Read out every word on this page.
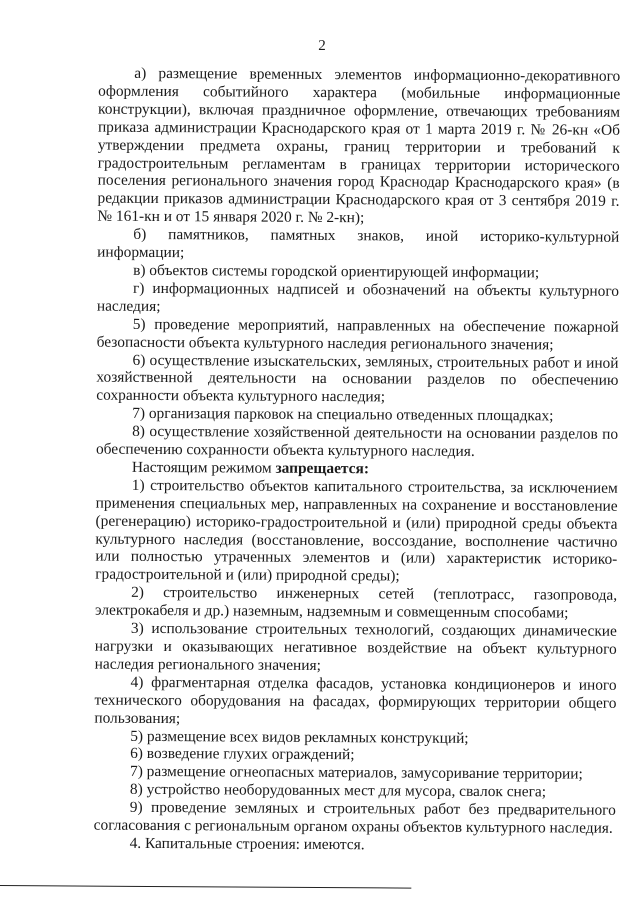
2

а) размещение временных элементов информационно-декоративного оформления событийного характера (мобильные информационные конструкции), включая праздничное оформление, отвечающих требованиям приказа администрации Краснодарского края от 1 марта 2019 г. № 26-кн «Об утверждении предмета охраны, границ территории и требований к градостроительным регламентам в границах территории исторического поселения регионального значения город Краснодар Краснодарского края» (в редакции приказов администрации Краснодарского края от 3 сентября 2019 г. № 161-кн и от 15 января 2020 г. № 2-кн);

б) памятников, памятных знаков, иной историко-культурной информации;

в) объектов системы городской ориентирующей информации;

г) информационных надписей и обозначений на объекты культурного наследия;

5) проведение мероприятий, направленных на обеспечение пожарной безопасности объекта культурного наследия регионального значения;

6) осуществление изыскательских, земляных, строительных работ и иной хозяйственной деятельности на основании разделов по обеспечению сохранности объекта культурного наследия;

7) организация парковок на специально отведенных площадках;

8) осуществление хозяйственной деятельности на основании разделов по обеспечению сохранности объекта культурного наследия.

Настоящим режимом запрещается:

1) строительство объектов капитального строительства, за исключением применения специальных мер, направленных на сохранение и восстановление (регенерацию) историко-градостроительной и (или) природной среды объекта культурного наследия (восстановление, воссоздание, восполнение частично или полностью утраченных элементов и (или) характеристик историко-градостроительной и (или) природной среды);

2) строительство инженерных сетей (теплотрасс, газопровода, электрокабеля и др.) наземным, надземным и совмещенным способами;

3) использование строительных технологий, создающих динамические нагрузки и оказывающих негативное воздействие на объект культурного наследия регионального значения;

4) фрагментарная отделка фасадов, установка кондиционеров и иного технического оборудования на фасадах, формирующих территории общего пользования;

5) размещение всех видов рекламных конструкций;

6) возведение глухих ограждений;

7) размещение огнеопасных материалов, замусоривание территории;

8) устройство необорудованных мест для мусора, свалок снега;

9) проведение земляных и строительных работ без предварительного согласования с региональным органом охраны объектов культурного наследия.

4. Капитальные строения: имеются.
